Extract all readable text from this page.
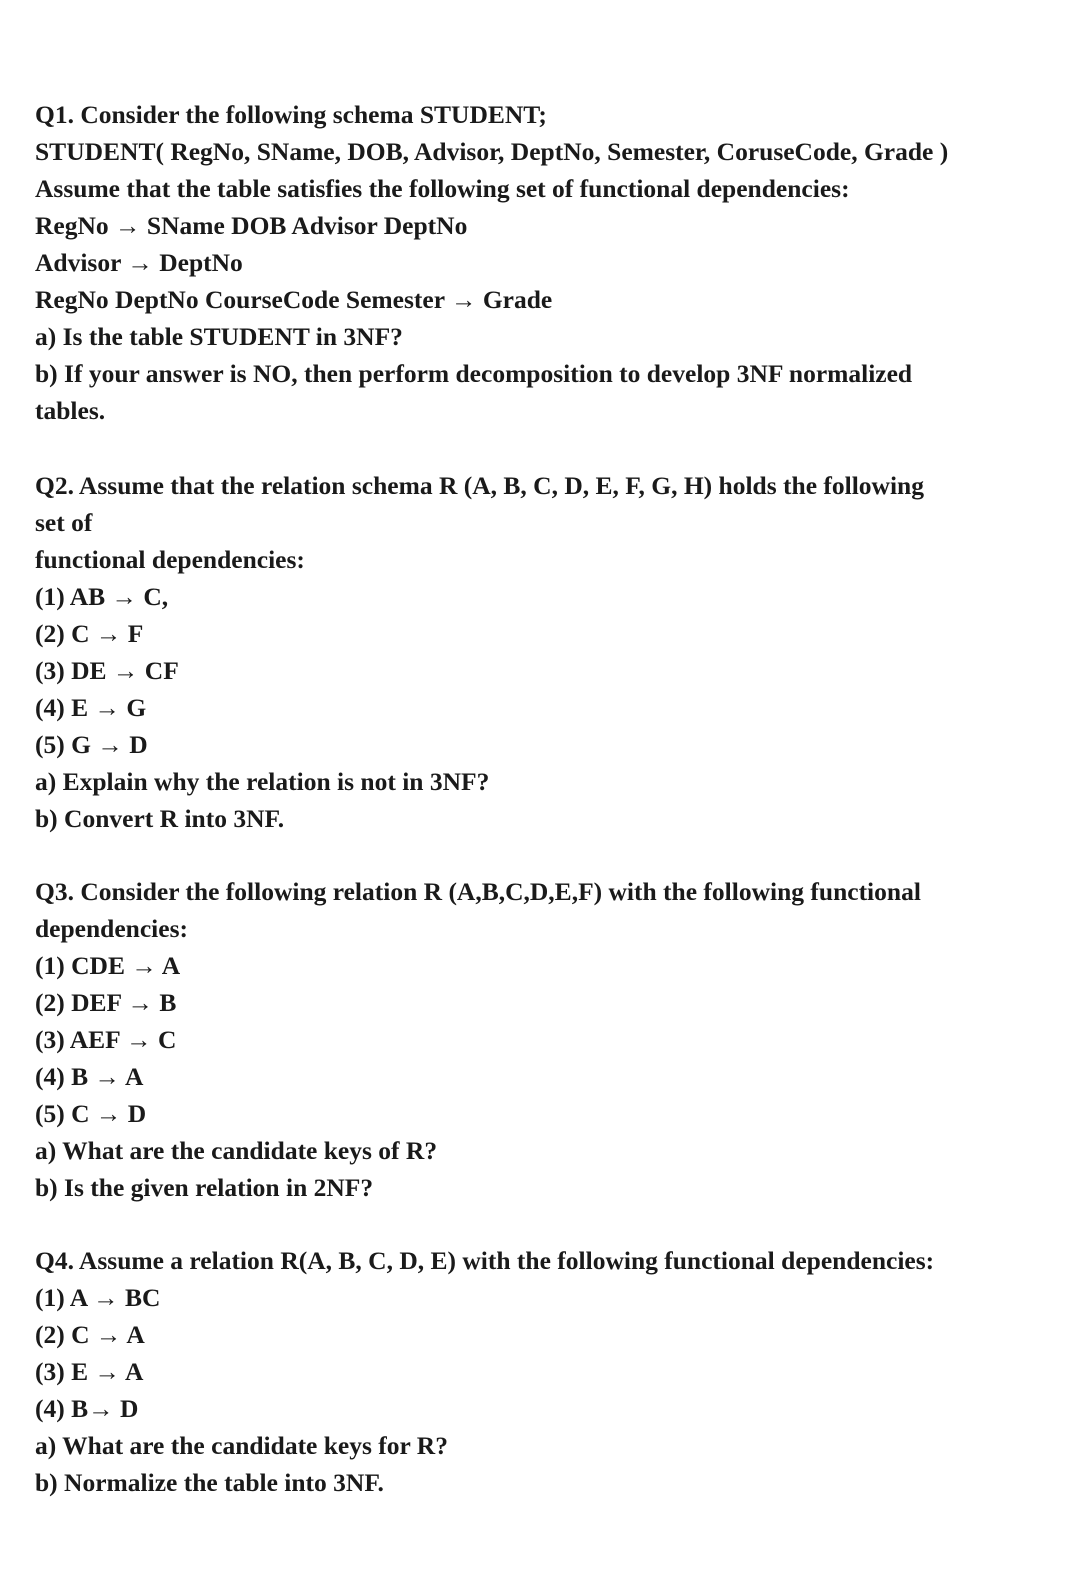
Q1. Consider the following schema STUDENT;
STUDENT( RegNo, SName, DOB, Advisor, DeptNo, Semester, CoruseCode, Grade )
Assume that the table satisfies the following set of functional dependencies:
RegNo → SName DOB Advisor DeptNo
Advisor → DeptNo
RegNo DeptNo CourseCode Semester → Grade
a) Is the table STUDENT in 3NF?
b) If your answer is NO, then perform decomposition to develop 3NF normalized
tables.
Q2. Assume that the relation schema R (A, B, C, D, E, F, G, H) holds the following
set of
functional dependencies:
(1) AB → C,
(2) C → F
(3) DE → CF
(4) E → G
(5) G → D
a) Explain why the relation is not in 3NF?
b) Convert R into 3NF.
Q3. Consider the following relation R (A,B,C,D,E,F) with the following functional
dependencies:
(1) CDE → A
(2) DEF → B
(3) AEF → C
(4) B → A
(5) C → D
a) What are the candidate keys of R?
b) Is the given relation in 2NF?
Q4. Assume a relation R(A, B, C, D, E) with the following functional dependencies:
(1) A → BC
(2) C → A
(3) E → A
(4) B→ D
a) What are the candidate keys for R?
b) Normalize the table into 3NF.
